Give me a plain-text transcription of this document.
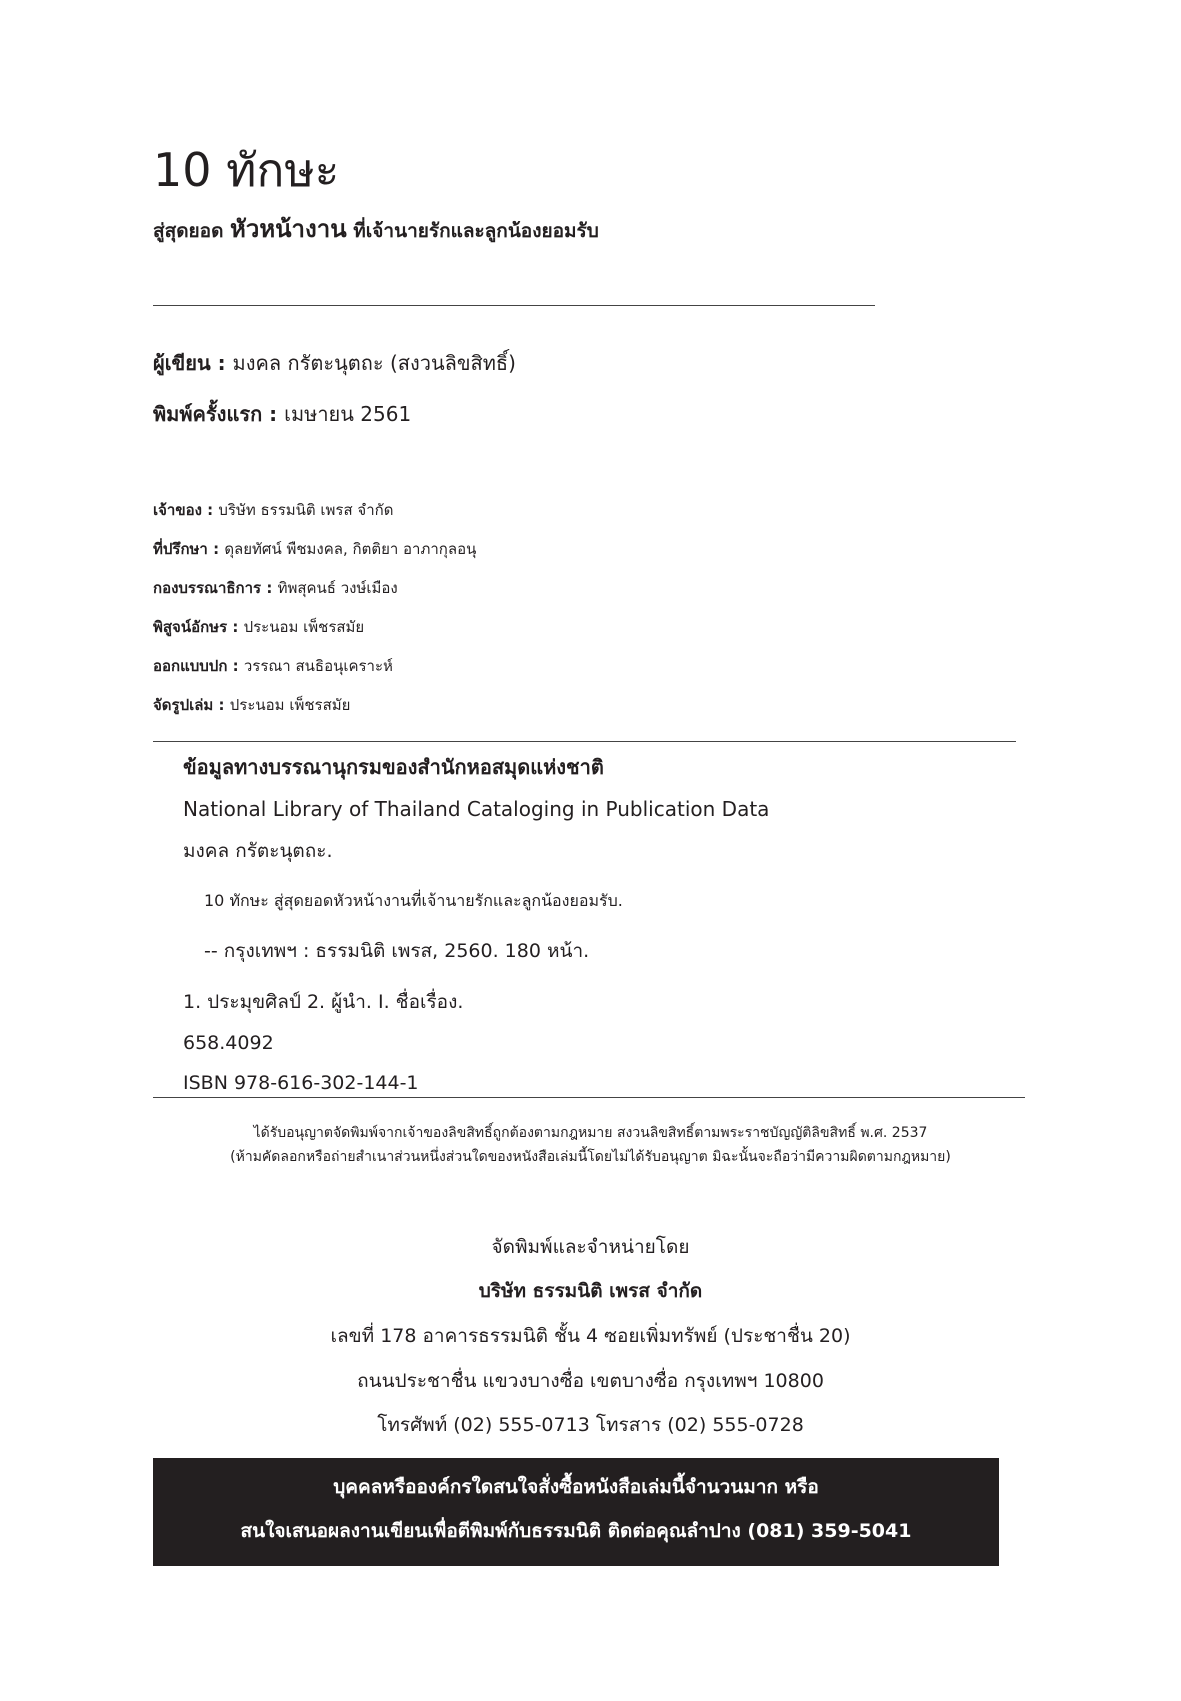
10 ทักษะ
สู่สุดยอด หัวหน้างาน ที่เจ้านายรักและลูกน้องยอมรับ
ผู้เขียน : มงคล กรัตะนุตถะ (สงวนลิขสิทธิ์)
พิมพ์ครั้งแรก : เมษายน 2561
เจ้าของ : บริษัท ธรรมนิติ เพรส จำกัด
ที่ปรึกษา : ดุลยทัศน์ พืชมงคล, กิตติยา อาภากุลอนุ
กองบรรณาธิการ : ทิพสุคนธ์ วงษ์เมือง
พิสูจน์อักษร : ประนอม เพ็ชรสมัย
ออกแบบปก : วรรณา สนธิอนุเคราะห์
จัดรูปเล่ม : ประนอม เพ็ชรสมัย
ข้อมูลทางบรรณานุกรมของสำนักหอสมุดแห่งชาติ
National Library of Thailand Cataloging in Publication Data
มงคล กรัตะนุตถะ.
10 ทักษะ สู่สุดยอดหัวหน้างานที่เจ้านายรักและลูกน้องยอมรับ.
-- กรุงเทพฯ : ธรรมนิติ เพรส, 2560. 180 หน้า.
1. ประมุขศิลป์ 2. ผู้นำ. I. ชื่อเรื่อง.
658.4092
ISBN 978-616-302-144-1
ได้รับอนุญาตจัดพิมพ์จากเจ้าของลิขสิทธิ์ถูกต้องตามกฎหมาย สงวนลิขสิทธิ์ตามพระราชบัญญัติลิขสิทธิ์ พ.ศ. 2537
(ห้ามคัดลอกหรือถ่ายสำเนาส่วนหนึ่งส่วนใดของหนังสือเล่มนี้โดยไม่ได้รับอนุญาต มิฉะนั้นจะถือว่ามีความผิดตามกฎหมาย)
จัดพิมพ์และจำหน่ายโดย
บริษัท ธรรมนิติ เพรส จำกัด
เลขที่ 178 อาคารธรรมนิติ ชั้น 4 ซอยเพิ่มทรัพย์ (ประชาชื่น 20)
ถนนประชาชื่น แขวงบางซื่อ เขตบางซื่อ กรุงเทพฯ 10800
โทรศัพท์ (02) 555-0713 โทรสาร (02) 555-0728
บุคคลหรือองค์กรใดสนใจสั่งซื้อหนังสือเล่มนี้จำนวนมาก หรือ
สนใจเสนอผลงานเขียนเพื่อตีพิมพ์กับธรรมนิติ ติดต่อคุณลำปาง (081) 359-5041
